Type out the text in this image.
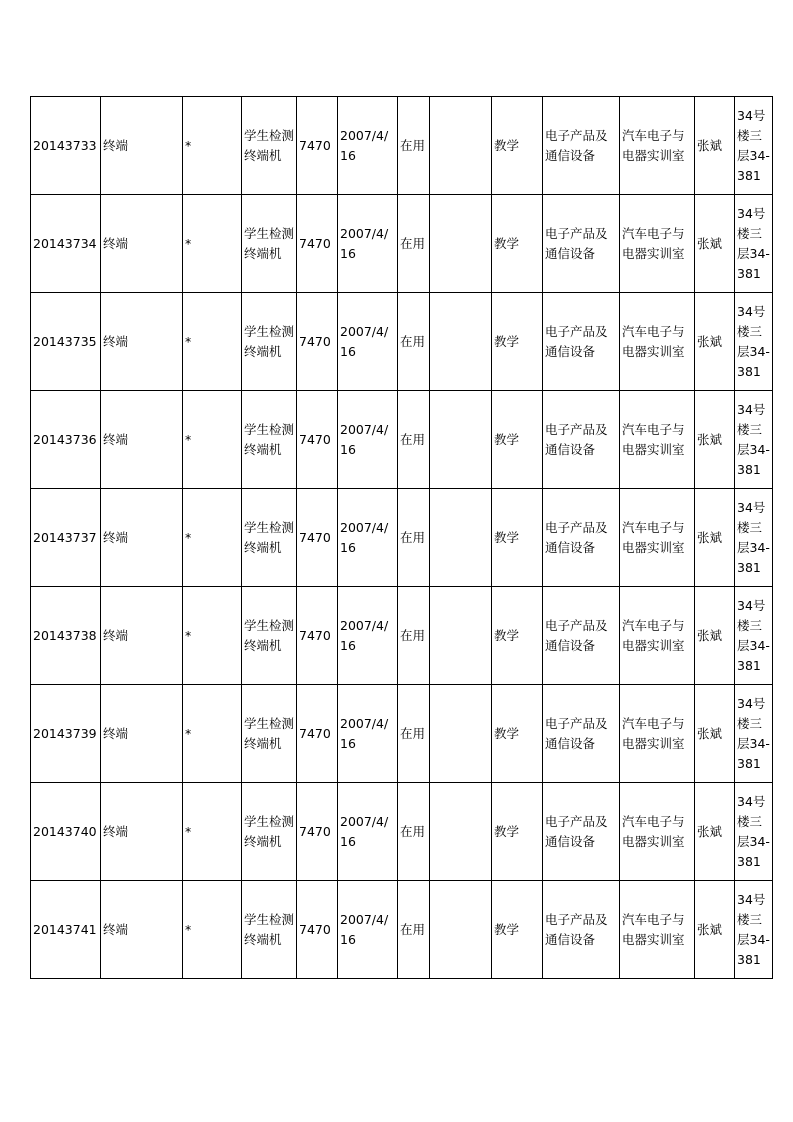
20143733	终端	*	学生检测终端机	7470	2007/4/16	在用		教学	电子产品及通信设备	汽车电子与电器实训室	张斌	34号楼三层34-381
20143734	终端	*	学生检测终端机	7470	2007/4/16	在用		教学	电子产品及通信设备	汽车电子与电器实训室	张斌	34号楼三层34-381
20143735	终端	*	学生检测终端机	7470	2007/4/16	在用		教学	电子产品及通信设备	汽车电子与电器实训室	张斌	34号楼三层34-381
20143736	终端	*	学生检测终端机	7470	2007/4/16	在用		教学	电子产品及通信设备	汽车电子与电器实训室	张斌	34号楼三层34-381
20143737	终端	*	学生检测终端机	7470	2007/4/16	在用		教学	电子产品及通信设备	汽车电子与电器实训室	张斌	34号楼三层34-381
20143738	终端	*	学生检测终端机	7470	2007/4/16	在用		教学	电子产品及通信设备	汽车电子与电器实训室	张斌	34号楼三层34-381
20143739	终端	*	学生检测终端机	7470	2007/4/16	在用		教学	电子产品及通信设备	汽车电子与电器实训室	张斌	34号楼三层34-381
20143740	终端	*	学生检测终端机	7470	2007/4/16	在用		教学	电子产品及通信设备	汽车电子与电器实训室	张斌	34号楼三层34-381
20143741	终端	*	学生检测终端机	7470	2007/4/16	在用		教学	电子产品及通信设备	汽车电子与电器实训室	张斌	34号楼三层34-381
